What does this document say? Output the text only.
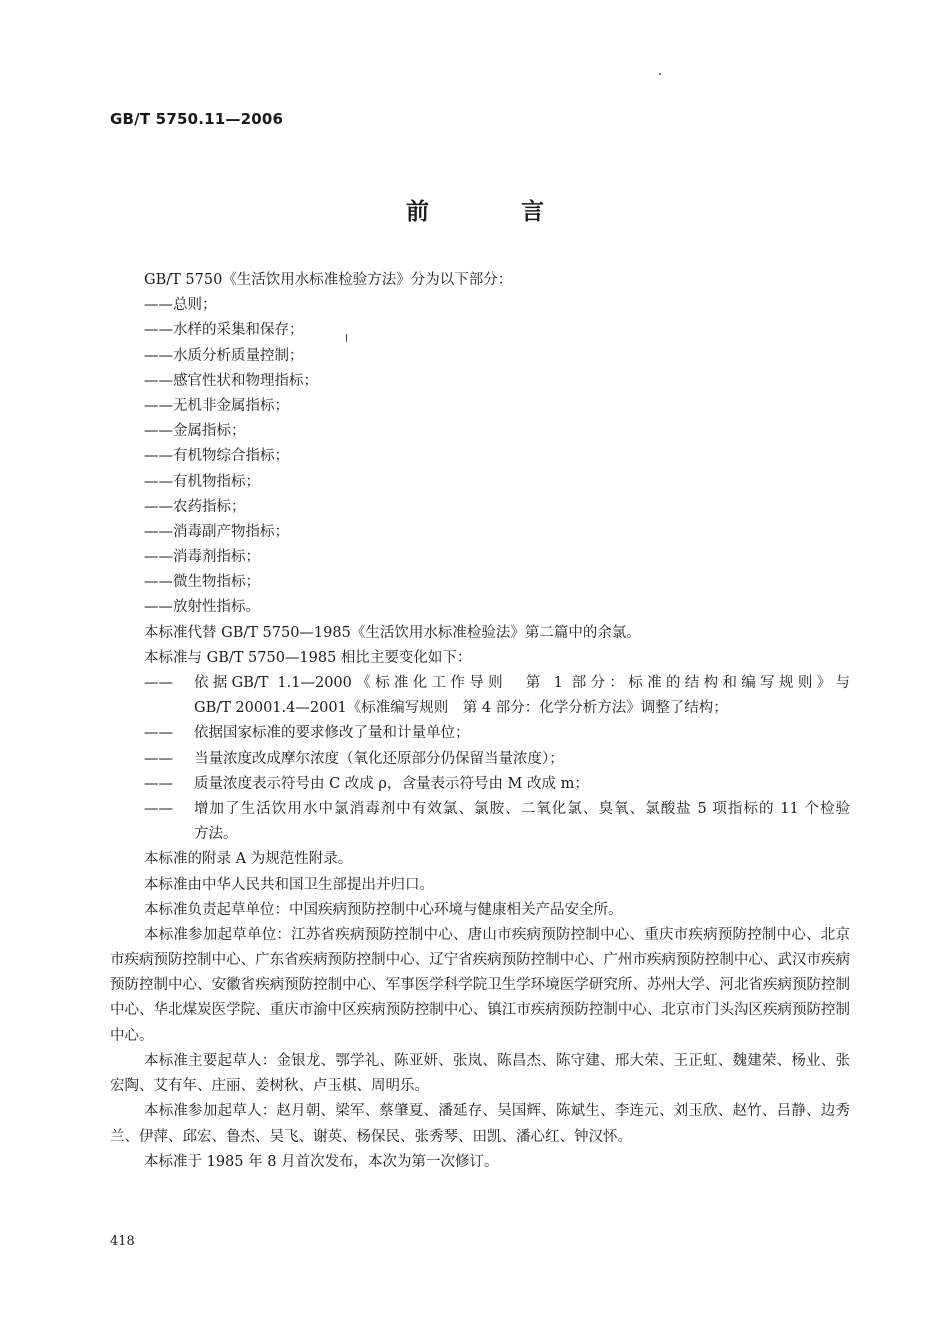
GB/T 5750.11—2006
前 言
GB/T 5750《生活饮用水标准检验方法》分为以下部分：
——总则；
——水样的采集和保存；
——水质分析质量控制；
——感官性状和物理指标；
——无机非金属指标；
——金属指标；
——有机物综合指标；
——有机物指标；
——农药指标；
——消毒副产物指标；
——消毒剂指标；
——微生物指标；
——放射性指标。
本标准代替 GB/T 5750—1985《生活饮用水标准检验法》第二篇中的余氯。
本标准与 GB/T 5750—1985 相比主要变化如下：
——	依据GB/T 1.1—2000《标准化工作导则　第 1 部分：标准的结构和编写规则》与
GB/T 20001.4—2001《标准编写规则　第 4 部分：化学分析方法》调整了结构；
——	依据国家标准的要求修改了量和计量单位；
——	当量浓度改成摩尔浓度（氧化还原部分仍保留当量浓度）；
——	质量浓度表示符号由 C 改成 ρ，含量表示符号由 M 改成 m；
——	增加了生活饮用水中氯消毒剂中有效氯、氯胺、二氧化氯、臭氧、氯酸盐 5 项指标的 11 个检验
方法。
本标准的附录 A 为规范性附录。
本标准由中华人民共和国卫生部提出并归口。
本标准负责起草单位：中国疾病预防控制中心环境与健康相关产品安全所。
本标准参加起草单位：江苏省疾病预防控制中心、唐山市疾病预防控制中心、重庆市疾病预防控制中心、北京市疾病预防控制中心、广东省疾病预防控制中心、辽宁省疾病预防控制中心、广州市疾病预防控制中心、武汉市疾病预防控制中心、安徽省疾病预防控制中心、军事医学科学院卫生学环境医学研究所、苏州大学、河北省疾病预防控制中心、华北煤炭医学院、重庆市渝中区疾病预防控制中心、镇江市疾病预防控制中心、北京市门头沟区疾病预防控制中心。
本标准主要起草人：金银龙、鄂学礼、陈亚妍、张岚、陈昌杰、陈守建、邢大荣、王正虹、魏建荣、杨业、张宏陶、艾有年、庄丽、姜树秋、卢玉棋、周明乐。
本标准参加起草人：赵月朝、梁军、蔡肇夏、潘延存、吴国辉、陈斌生、李连元、刘玉欣、赵竹、吕静、边秀兰、伊萍、邱宏、鲁杰、吴飞、谢英、杨保民、张秀琴、田凯、潘心红、钟汉怀。
本标准于 1985 年 8 月首次发布，本次为第一次修订。
418
